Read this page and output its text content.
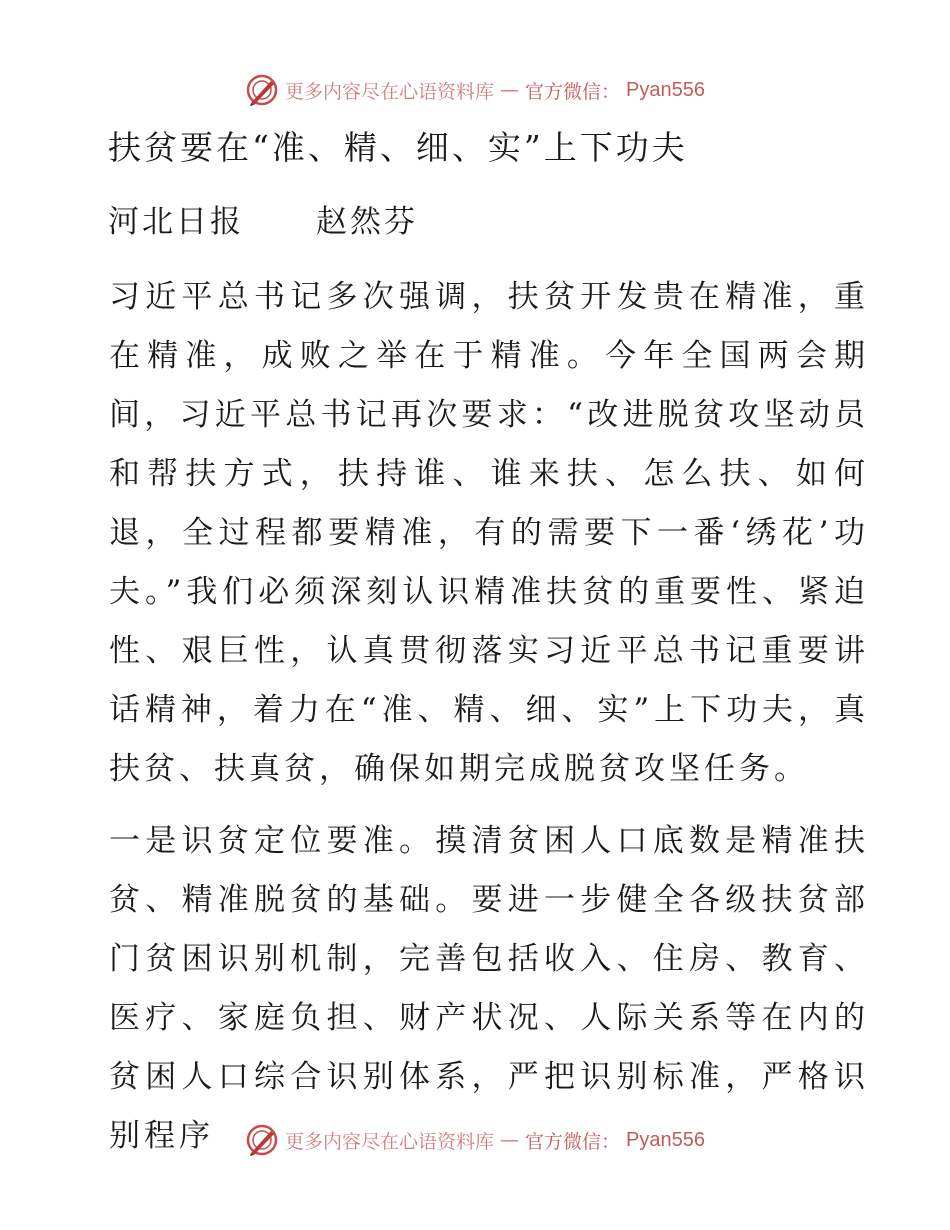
更多内容尽在心语资料库 — 官方微信： Pyan556
扶贫要在“准、精、细、实”上下功夫
河北日报 赵然芬
习近平总书记多次强调，扶贫开发贵在精准，重在精准，成败之举在于精准。今年全国两会期间，习近平总书记再次要求：“改进脱贫攻坚动员和帮扶方式，扶持谁、谁来扶、怎么扶、如何退，全过程都要精准，有的需要下一番‘绣花’功夫。”我们必须深刻认识精准扶贫的重要性、紧迫性、艰巨性，认真贯彻落实习近平总书记重要讲话精神，着力在“准、精、细、实”上下功夫，真扶贫、扶真贫，确保如期完成脱贫攻坚任务。
一是识贫定位要准。摸清贫困人口底数是精准扶贫、精准脱贫的基础。要进一步健全各级扶贫部门贫困识别机制，完善包括收入、住房、教育、医疗、家庭负担、财产状况、人际关系等在内的贫困人口综合识别体系，严把识别标准，严格识别程序	更多内容尽在心语资料库 — 官方微信： Pyan556
